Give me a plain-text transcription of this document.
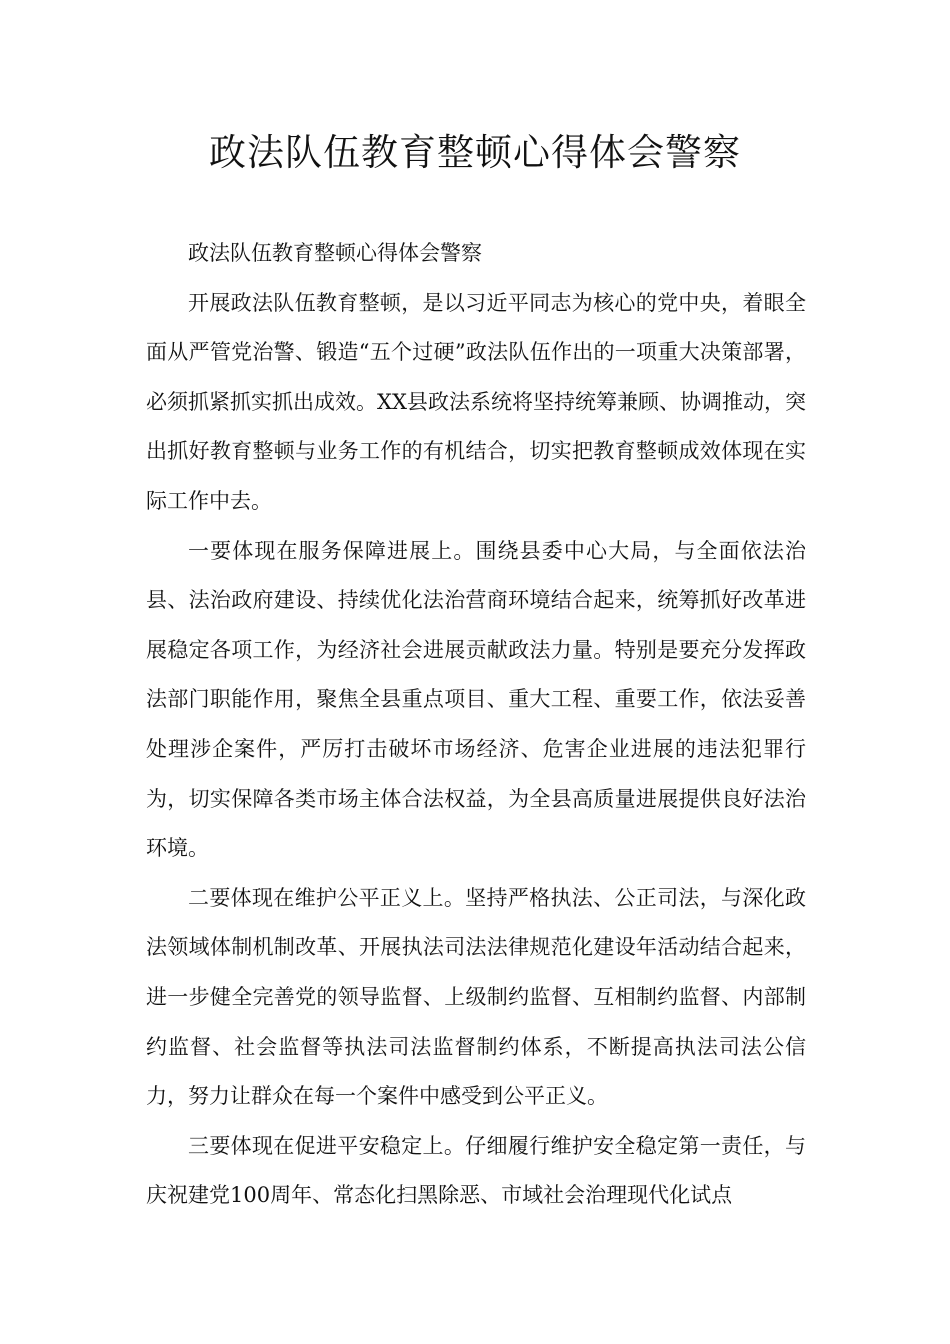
政法队伍教育整顿心得体会警察

政法队伍教育整顿心得体会警察

开展政法队伍教育整顿，是以习近平同志为核心的党中央，着眼全面从严管党治警、锻造“五个过硬”政法队伍作出的一项重大决策部署，必须抓紧抓实抓出成效。XX县政法系统将坚持统筹兼顾、协调推动，突出抓好教育整顿与业务工作的有机结合，切实把教育整顿成效体现在实际工作中去。

一要体现在服务保障进展上。围绕县委中心大局，与全面依法治县、法治政府建设、持续优化法治营商环境结合起来，统筹抓好改革进展稳定各项工作，为经济社会进展贡献政法力量。特别是要充分发挥政法部门职能作用，聚焦全县重点项目、重大工程、重要工作，依法妥善处理涉企案件，严厉打击破坏市场经济、危害企业进展的违法犯罪行为，切实保障各类市场主体合法权益，为全县高质量进展提供良好法治环境。

二要体现在维护公平正义上。坚持严格执法、公正司法，与深化政法领域体制机制改革、开展执法司法法律规范化建设年活动结合起来，进一步健全完善党的领导监督、上级制约监督、互相制约监督、内部制约监督、社会监督等执法司法监督制约体系，不断提高执法司法公信力，努力让群众在每一个案件中感受到公平正义。

三要体现在促进平安稳定上。仔细履行维护安全稳定第一责任，与庆祝建党100周年、常态化扫黑除恶、市域社会治理现代化试点
